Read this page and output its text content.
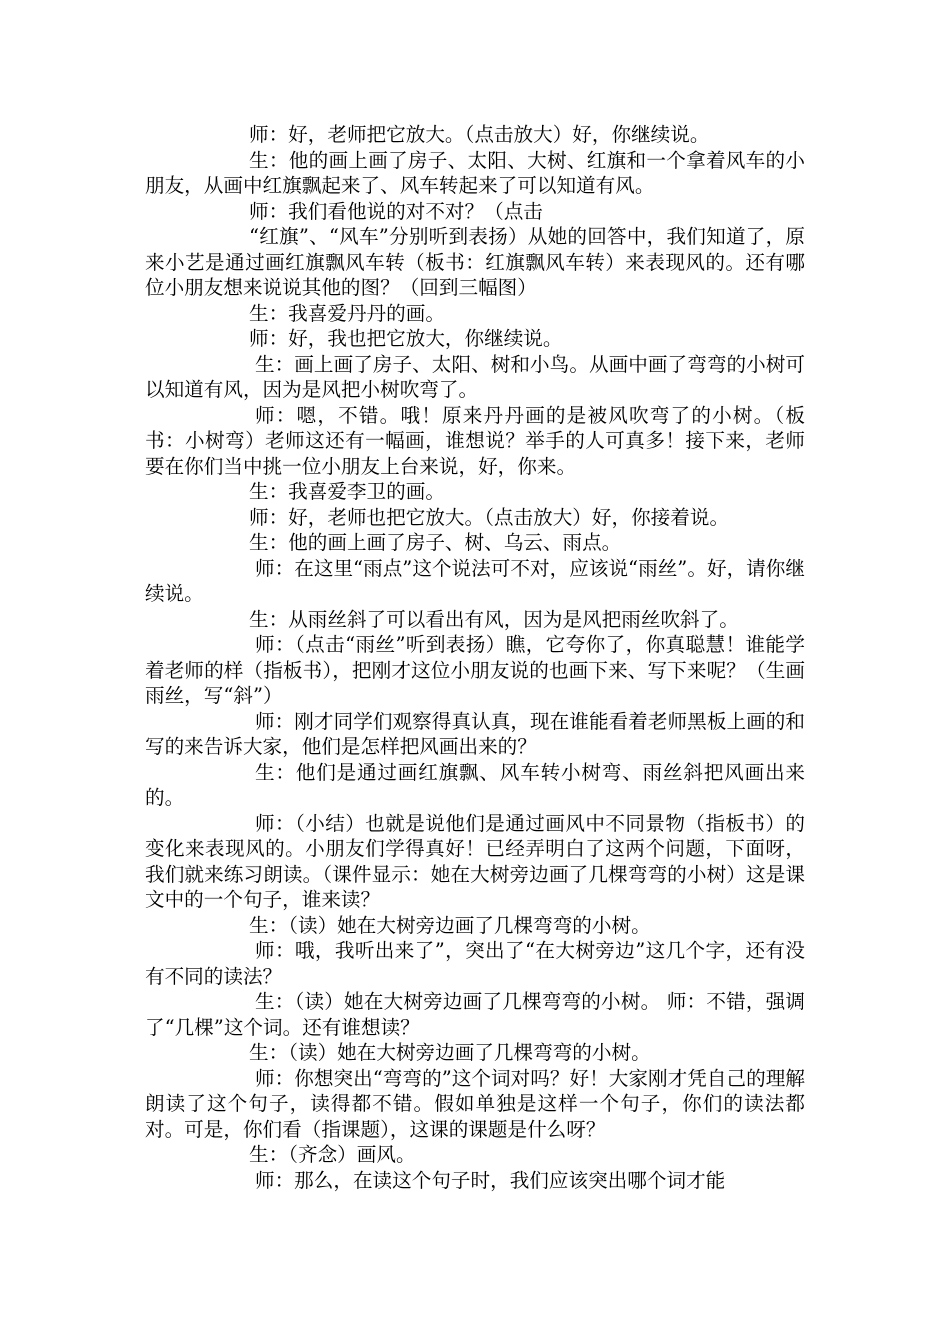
师：好，老师把它放大。（点击放大）好，你继续说。

生：他的画上画了房子、太阳、大树、红旗和一个拿着风车的小朋友，从画中红旗飘起来了、风车转起来了可以知道有风。

师：我们看他说的对不对？（点击

“红旗”、“风车”分别听到表扬）从她的回答中，我们知道了，原来小艺是通过画红旗飘风车转（板书：红旗飘风车转）来表现风的。还有哪位小朋友想来说说其他的图？（回到三幅图）

生：我喜爱丹丹的画。

师：好，我也把它放大，你继续说。

生：画上画了房子、太阳、树和小鸟。从画中画了弯弯的小树可以知道有风，因为是风把小树吹弯了。

师：嗯，不错。哦！原来丹丹画的是被风吹弯了的小树。（板书：小树弯）老师这还有一幅画，谁想说？举手的人可真多！接下来，老师要在你们当中挑一位小朋友上台来说，好，你来。

生：我喜爱李卫的画。

师：好，老师也把它放大。（点击放大）好，你接着说。

生：他的画上画了房子、树、乌云、雨点。

师：在这里“雨点”这个说法可不对，应该说“雨丝”。好，请你继续说。

生：从雨丝斜了可以看出有风，因为是风把雨丝吹斜了。

师：（点击“雨丝”听到表扬）瞧，它夸你了，你真聪慧！谁能学着老师的样（指板书），把刚才这位小朋友说的也画下来、写下来呢？（生画雨丝，写“斜”）

师：刚才同学们观察得真认真，现在谁能看着老师黑板上画的和写的来告诉大家，他们是怎样把风画出来的？

生：他们是通过画红旗飘、风车转小树弯、雨丝斜把风画出来的。

师：（小结）也就是说他们是通过画风中不同景物（指板书）的变化来表现风的。小朋友们学得真好！已经弄明白了这两个问题，下面呀，我们就来练习朗读。（课件显示：她在大树旁边画了几棵弯弯的小树）这是课文中的一个句子，谁来读？

生：（读）她在大树旁边画了几棵弯弯的小树。

师：哦，我听出来了”，突出了“在大树旁边”这几个字，还有没有不同的读法？

生：（读）她在大树旁边画了几棵弯弯的小树。 师：不错，强调了“几棵”这个词。还有谁想读？

生：（读）她在大树旁边画了几棵弯弯的小树。

师：你想突出“弯弯的”这个词对吗？好！大家刚才凭自己的理解朗读了这个句子，读得都不错。假如单独是这样一个句子，你们的读法都对。可是，你们看（指课题），这课的课题是什么呀？

生：（齐念）画风。

师：那么，在读这个句子时，我们应该突出哪个词才能
